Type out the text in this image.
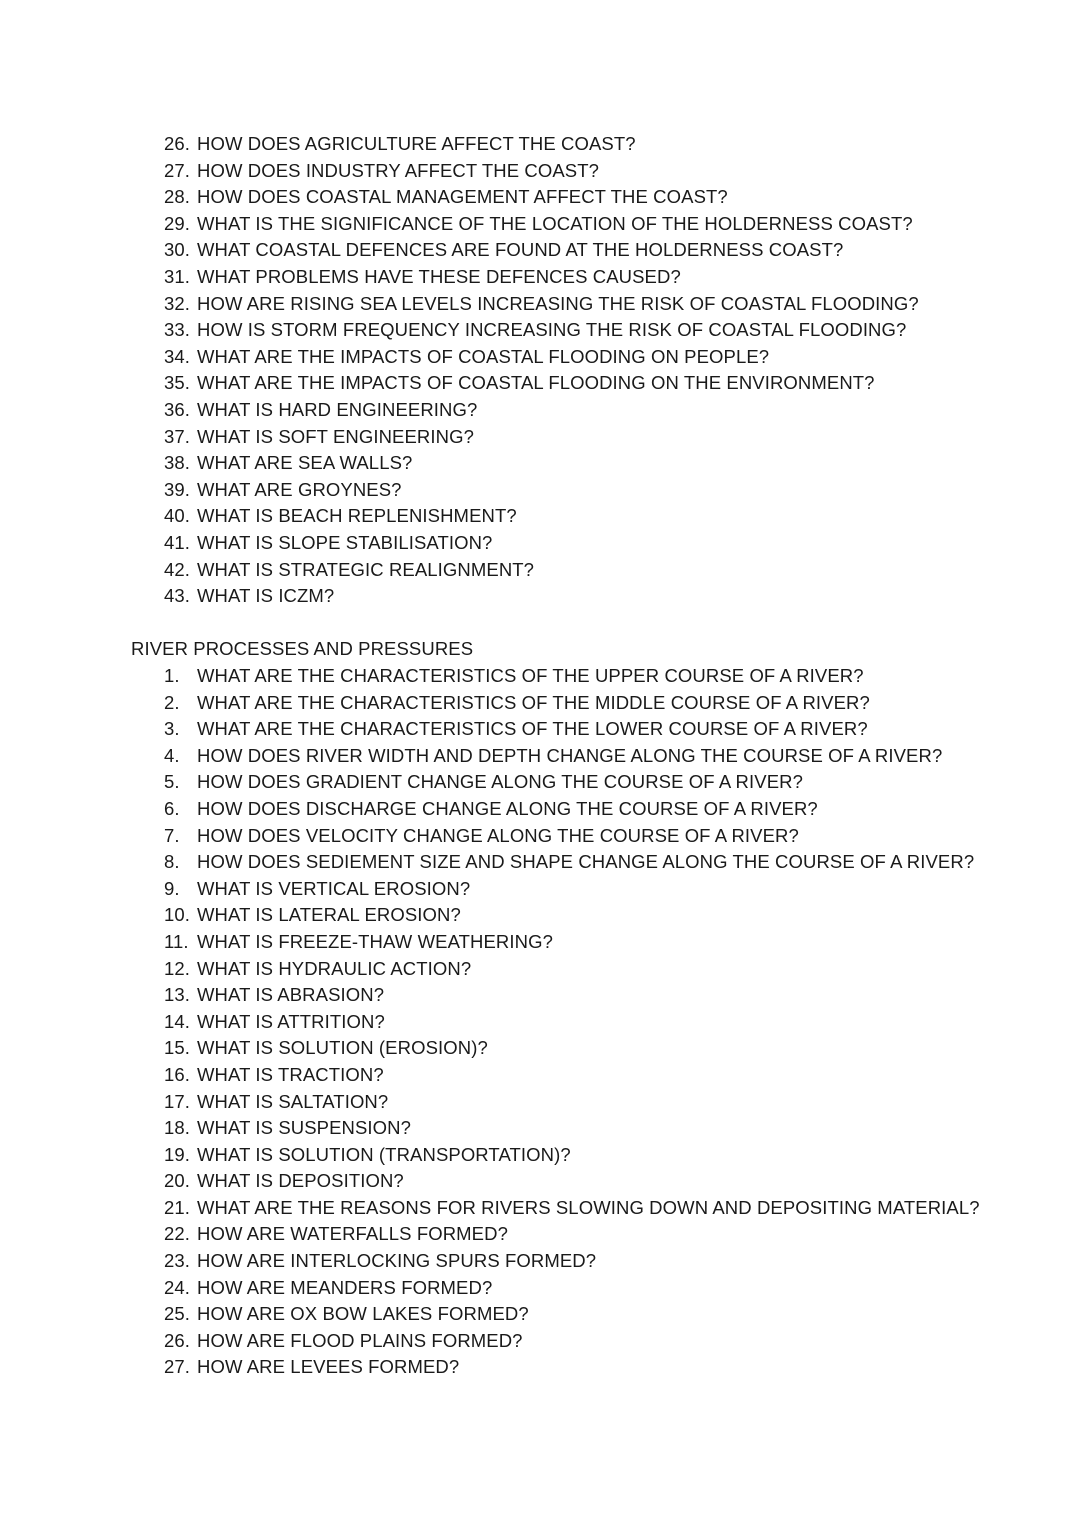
26. HOW DOES AGRICULTURE AFFECT THE COAST?
27. HOW DOES INDUSTRY AFFECT THE COAST?
28. HOW DOES COASTAL MANAGEMENT AFFECT THE COAST?
29. WHAT IS THE SIGNIFICANCE OF THE LOCATION OF THE HOLDERNESS COAST?
30. WHAT COASTAL DEFENCES ARE FOUND AT THE HOLDERNESS COAST?
31. WHAT PROBLEMS HAVE THESE DEFENCES CAUSED?
32. HOW ARE RISING SEA LEVELS INCREASING THE RISK OF COASTAL FLOODING?
33. HOW IS STORM FREQUENCY INCREASING THE RISK OF COASTAL FLOODING?
34. WHAT ARE THE IMPACTS OF COASTAL FLOODING ON PEOPLE?
35. WHAT ARE THE IMPACTS OF COASTAL FLOODING ON THE ENVIRONMENT?
36. WHAT IS HARD ENGINEERING?
37. WHAT IS SOFT ENGINEERING?
38. WHAT ARE SEA WALLS?
39. WHAT ARE GROYNES?
40. WHAT IS BEACH REPLENISHMENT?
41. WHAT IS SLOPE STABILISATION?
42. WHAT IS STRATEGIC REALIGNMENT?
43. WHAT IS ICZM?
RIVER PROCESSES AND PRESSURES
1. WHAT ARE THE CHARACTERISTICS OF THE UPPER COURSE OF A RIVER?
2. WHAT ARE THE CHARACTERISTICS OF THE MIDDLE COURSE OF A RIVER?
3. WHAT ARE THE CHARACTERISTICS OF THE LOWER COURSE OF A RIVER?
4. HOW DOES RIVER WIDTH AND DEPTH CHANGE ALONG THE COURSE OF A RIVER?
5. HOW DOES GRADIENT CHANGE ALONG THE COURSE OF A RIVER?
6. HOW DOES DISCHARGE CHANGE ALONG THE COURSE OF A RIVER?
7. HOW DOES VELOCITY CHANGE ALONG THE COURSE OF A RIVER?
8. HOW DOES SEDIEMENT SIZE AND SHAPE CHANGE ALONG THE COURSE OF A RIVER?
9. WHAT IS VERTICAL EROSION?
10. WHAT IS LATERAL EROSION?
11. WHAT IS FREEZE-THAW WEATHERING?
12. WHAT IS HYDRAULIC ACTION?
13. WHAT IS ABRASION?
14. WHAT IS ATTRITION?
15. WHAT IS SOLUTION (EROSION)?
16. WHAT IS TRACTION?
17. WHAT IS SALTATION?
18. WHAT IS SUSPENSION?
19. WHAT IS SOLUTION (TRANSPORTATION)?
20. WHAT IS DEPOSITION?
21. WHAT ARE THE REASONS FOR RIVERS SLOWING DOWN AND DEPOSITING MATERIAL?
22. HOW ARE WATERFALLS FORMED?
23. HOW ARE INTERLOCKING SPURS FORMED?
24. HOW ARE MEANDERS FORMED?
25. HOW ARE OX BOW LAKES FORMED?
26. HOW ARE FLOOD PLAINS FORMED?
27. HOW ARE LEVEES FORMED?
